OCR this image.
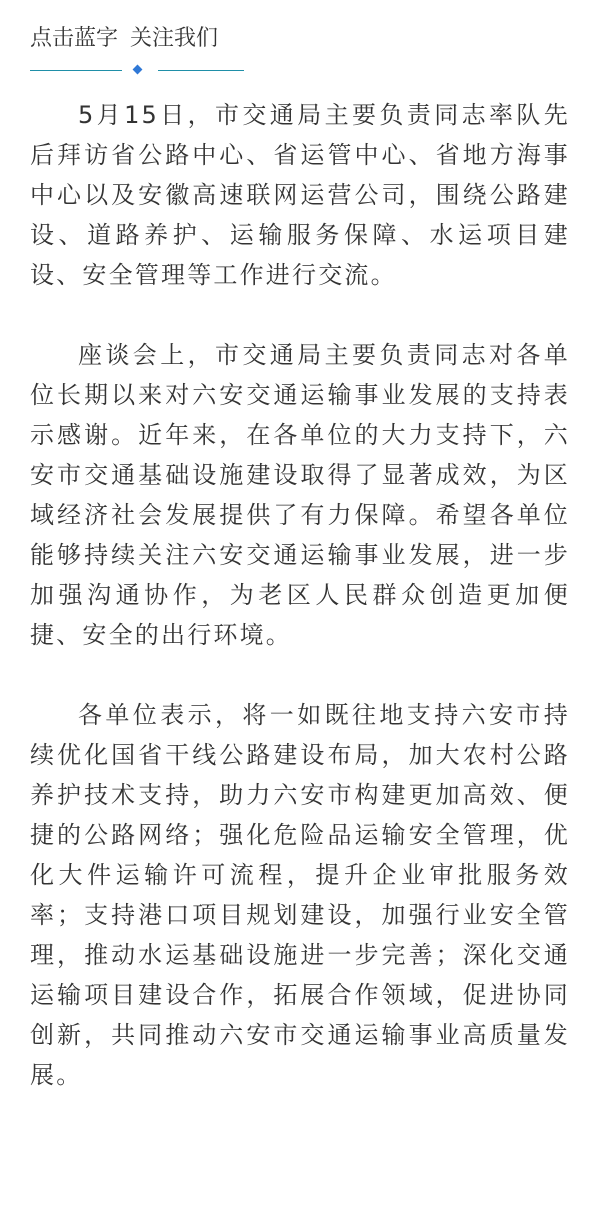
点击蓝字 关注我们

5月15日，市交通局主要负责同志率队先后拜访省公路中心、省运管中心、省地方海事中心以及安徽高速联网运营公司，围绕公路建设、道路养护、运输服务保障、水运项目建设、安全管理等工作进行交流。

座谈会上，市交通局主要负责同志对各单位长期以来对六安交通运输事业发展的支持表示感谢。近年来，在各单位的大力支持下，六安市交通基础设施建设取得了显著成效，为区域经济社会发展提供了有力保障。希望各单位能够持续关注六安交通运输事业发展，进一步加强沟通协作，为老区人民群众创造更加便捷、安全的出行环境。

各单位表示，将一如既往地支持六安市持续优化国省干线公路建设布局，加大农村公路养护技术支持，助力六安市构建更加高效、便捷的公路网络；强化危险品运输安全管理，优化大件运输许可流程，提升企业审批服务效率；支持港口项目规划建设，加强行业安全管理，推动水运基础设施进一步完善；深化交通运输项目建设合作，拓展合作领域，促进协同创新，共同推动六安市交通运输事业高质量发展。
